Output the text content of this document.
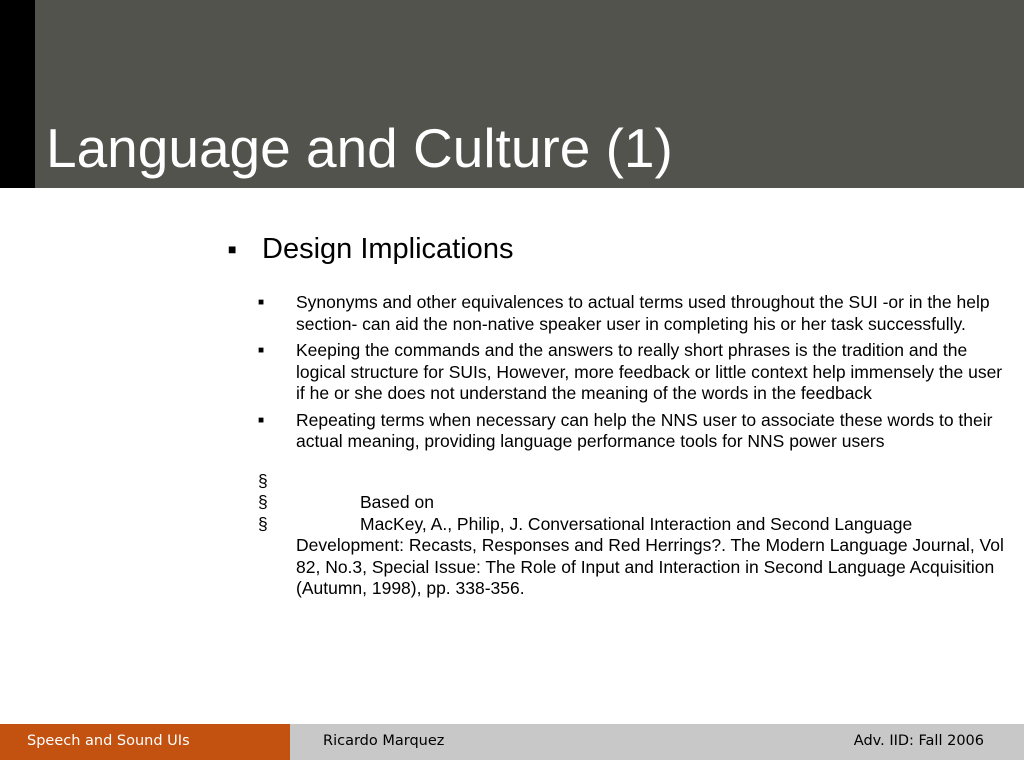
Language and Culture (1)
■ Design Implications
■	Synonyms and other equivalences to actual terms used throughout the SUI -or in the help section- can aid the non-native speaker user in completing his or her task successfully.
■	Keeping the commands and the answers to really short phrases is the tradition and the logical structure for SUIs, However, more feedback or little context help immensely the user if he or she does not understand the meaning of the words in the feedback
■	Repeating terms when necessary can help the NNS user to associate these words to their actual meaning, providing language performance tools for NNS power users
§
§	Based on
§	MacKey, A., Philip, J. Conversational Interaction and Second Language Development: Recasts, Responses and Red Herrings?. The Modern Language Journal, Vol 82, No.3, Special Issue: The Role of Input and Interaction in Second Language Acquisition (Autumn, 1998), pp. 338-356.
Speech and Sound UIs	Ricardo Marquez	Adv. IID: Fall 2006
